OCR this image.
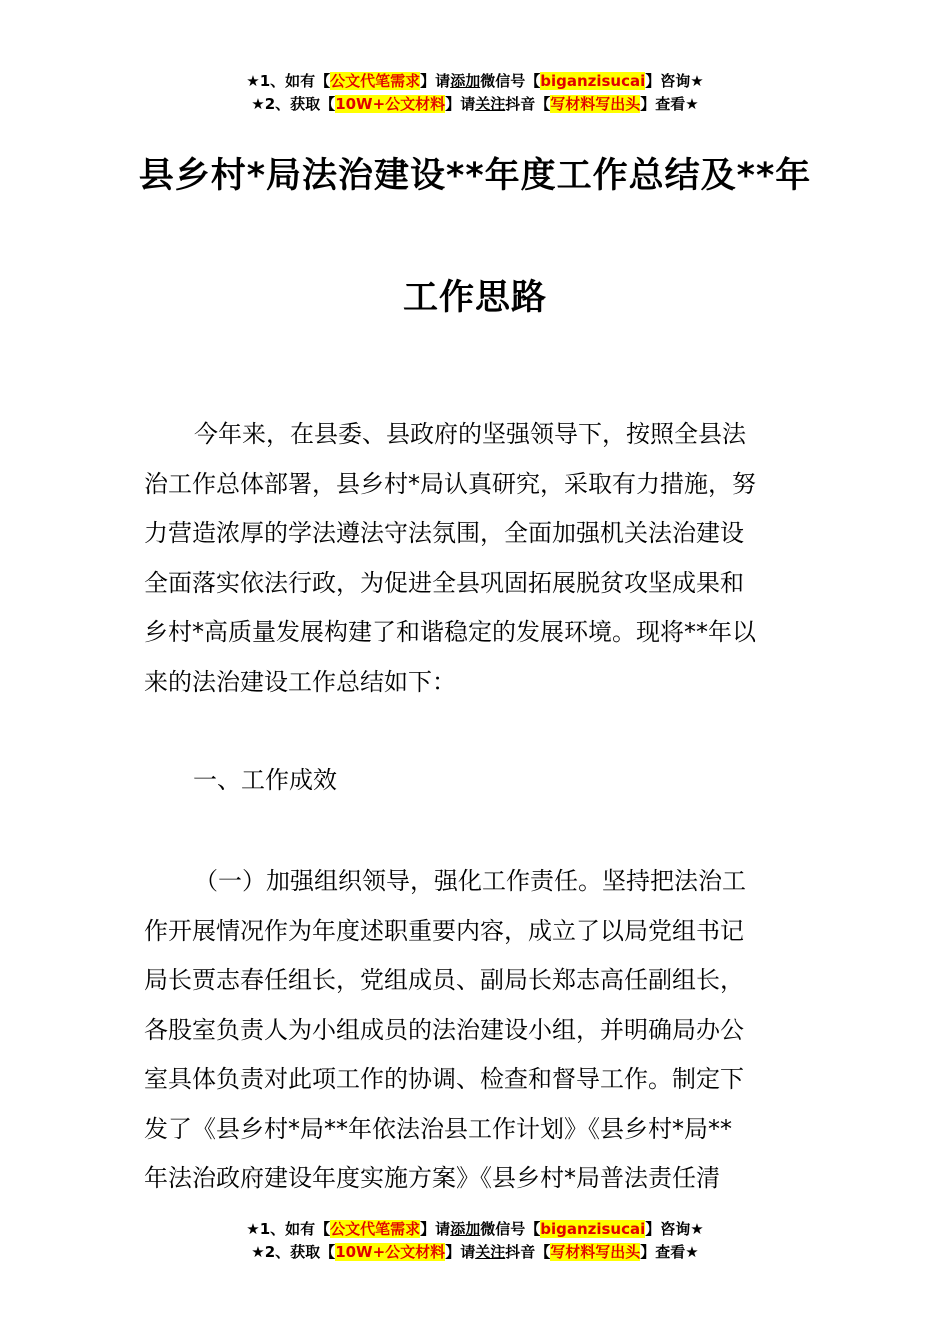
★1、如有【公文代笔需求】请添加微信号【biganzisucai】咨询★
★2、获取【10W+公文材料】请关注抖音【写材料写出头】查看★
县乡村*局法治建设**年度工作总结及**年
工作思路
今年来，在县委、县政府的坚强领导下，按照全县法
治工作总体部署，县乡村*局认真研究，采取有力措施，努
力营造浓厚的学法遵法守法氛围，全面加强机关法治建设
全面落实依法行政，为促进全县巩固拓展脱贫攻坚成果和
乡村*高质量发展构建了和谐稳定的发展环境。现将**年以
来的法治建设工作总结如下：
一、工作成效
（一）加强组织领导，强化工作责任。坚持把法治工
作开展情况作为年度述职重要内容，成立了以局党组书记
局长贾志春任组长，党组成员、副局长郑志高任副组长，
各股室负责人为小组成员的法治建设小组，并明确局办公
室具体负责对此项工作的协调、检查和督导工作。制定下
发了《县乡村*局**年依法治县工作计划》《县乡村*局**
年法治政府建设年度实施方案》《县乡村*局普法责任清
★1、如有【公文代笔需求】请添加微信号【biganzisucai】咨询★
★2、获取【10W+公文材料】请关注抖音【写材料写出头】查看★
